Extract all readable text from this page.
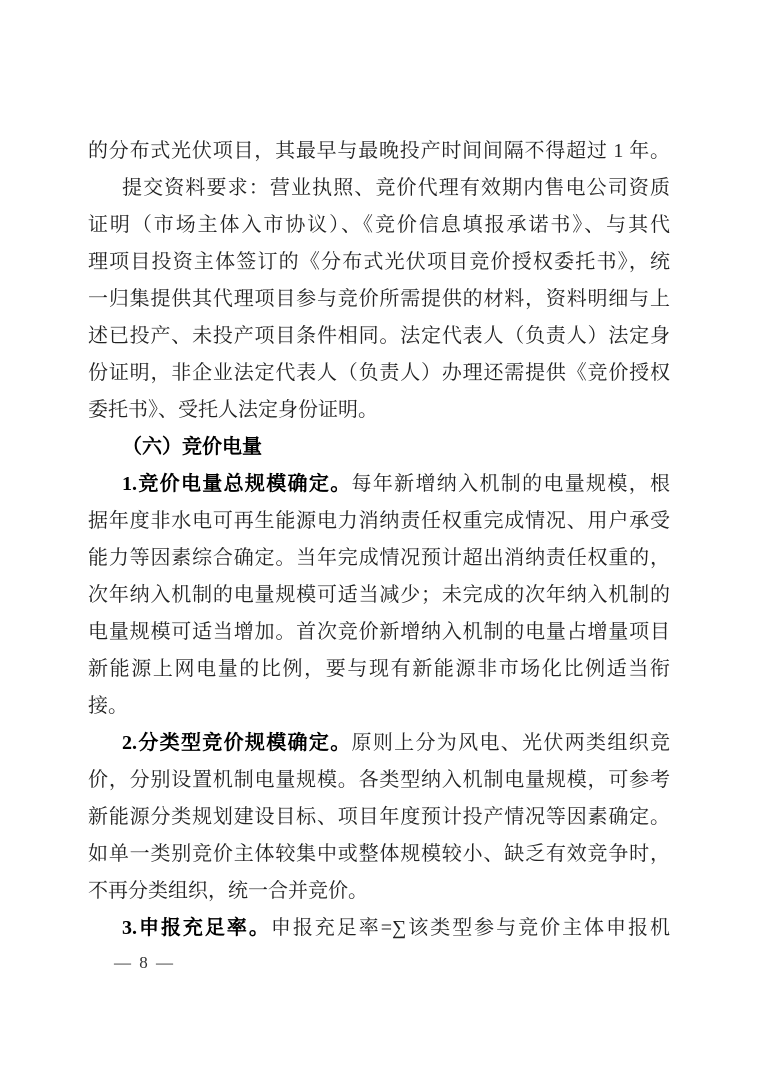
的分布式光伏项目，其最早与最晚投产时间间隔不得超过 1 年。
提交资料要求：营业执照、竞价代理有效期内售电公司资质
证明（市场主体入市协议）、《竞价信息填报承诺书》、与其代
理项目投资主体签订的《分布式光伏项目竞价授权委托书》，统
一归集提供其代理项目参与竞价所需提供的材料，资料明细与上
述已投产、未投产项目条件相同。法定代表人（负责人）法定身
份证明，非企业法定代表人（负责人）办理还需提供《竞价授权
委托书》、受托人法定身份证明。
（六）竞价电量
1.竞价电量总规模确定。每年新增纳入机制的电量规模，根
据年度非水电可再生能源电力消纳责任权重完成情况、用户承受
能力等因素综合确定。当年完成情况预计超出消纳责任权重的，
次年纳入机制的电量规模可适当减少；未完成的次年纳入机制的
电量规模可适当增加。首次竞价新增纳入机制的电量占增量项目
新能源上网电量的比例，要与现有新能源非市场化比例适当衔
接。
2.分类型竞价规模确定。原则上分为风电、光伏两类组织竞
价，分别设置机制电量规模。各类型纳入机制电量规模，可参考
新能源分类规划建设目标、项目年度预计投产情况等因素确定。
如单一类别竞价主体较集中或整体规模较小、缺乏有效竞争时，
不再分类组织，统一合并竞价。
3.申报充足率。申报充足率=∑该类型参与竞价主体申报机
— 8 —
